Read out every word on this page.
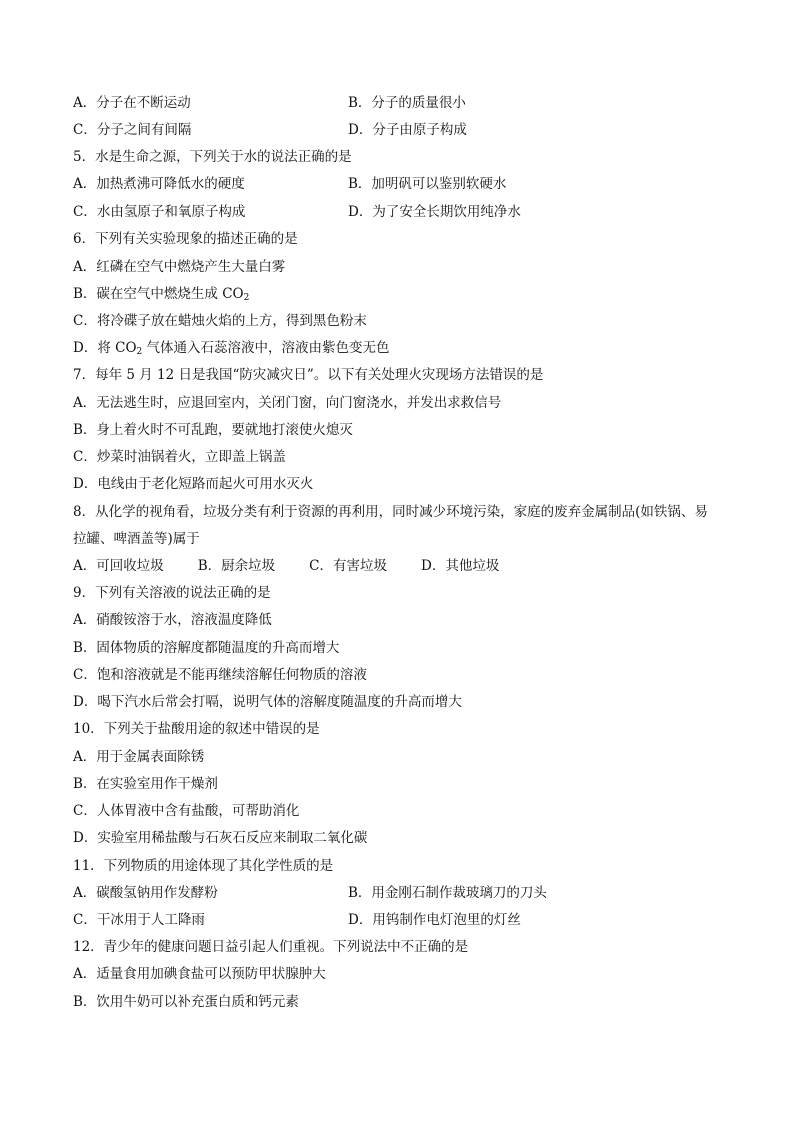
A．分子在不断运动	B．分子的质量很小
C．分子之间有间隔	D．分子由原子构成
5．水是生命之源，下列关于水的说法正确的是
A．加热煮沸可降低水的硬度	B．加明矾可以鉴别软硬水
C．水由氢原子和氧原子构成	D．为了安全长期饮用纯净水
6．下列有关实验现象的描述正确的是
A．红磷在空气中燃烧产生大量白雾
B．碳在空气中燃烧生成 $CO_2$
C．将冷碟子放在蜡烛火焰的上方，得到黑色粉末
D．将 $CO_2$ 气体通入石蕊溶液中，溶液由紫色变无色
7．每年 5 月 12 日是我国“防灾减灾日”。以下有关处理火灾现场方法错误的是
A．无法逃生时，应退回室内，关闭门窗，向门窗浇水，并发出求救信号
B．身上着火时不可乱跑，要就地打滚使火熄灭
C．炒菜时油锅着火，立即盖上锅盖
D．电线由于老化短路而起火可用水灭火
8．从化学的视角看，垃圾分类有利于资源的再利用，同时减少环境污染，家庭的废弃金属制品(如铁锅、易
拉罐、啤酒盖等)属于
A．可回收垃圾	B．厨余垃圾	C．有害垃圾	D．其他垃圾
9．下列有关溶液的说法正确的是
A．硝酸铵溶于水，溶液温度降低
B．固体物质的溶解度都随温度的升高而增大
C．饱和溶液就是不能再继续溶解任何物质的溶液
D．喝下汽水后常会打嗝，说明气体的溶解度随温度的升高而增大
10．下列关于盐酸用途的叙述中错误的是
A．用于金属表面除锈
B．在实验室用作干燥剂
C．人体胃液中含有盐酸，可帮助消化
D．实验室用稀盐酸与石灰石反应来制取二氧化碳
11．下列物质的用途体现了其化学性质的是
A．碳酸氢钠用作发酵粉	B．用金刚石制作裁玻璃刀的刀头
C．干冰用于人工降雨	D．用钨制作电灯泡里的灯丝
12．青少年的健康问题日益引起人们重视。下列说法中不正确的是
A．适量食用加碘食盐可以预防甲状腺肿大
B．饮用牛奶可以补充蛋白质和钙元素
